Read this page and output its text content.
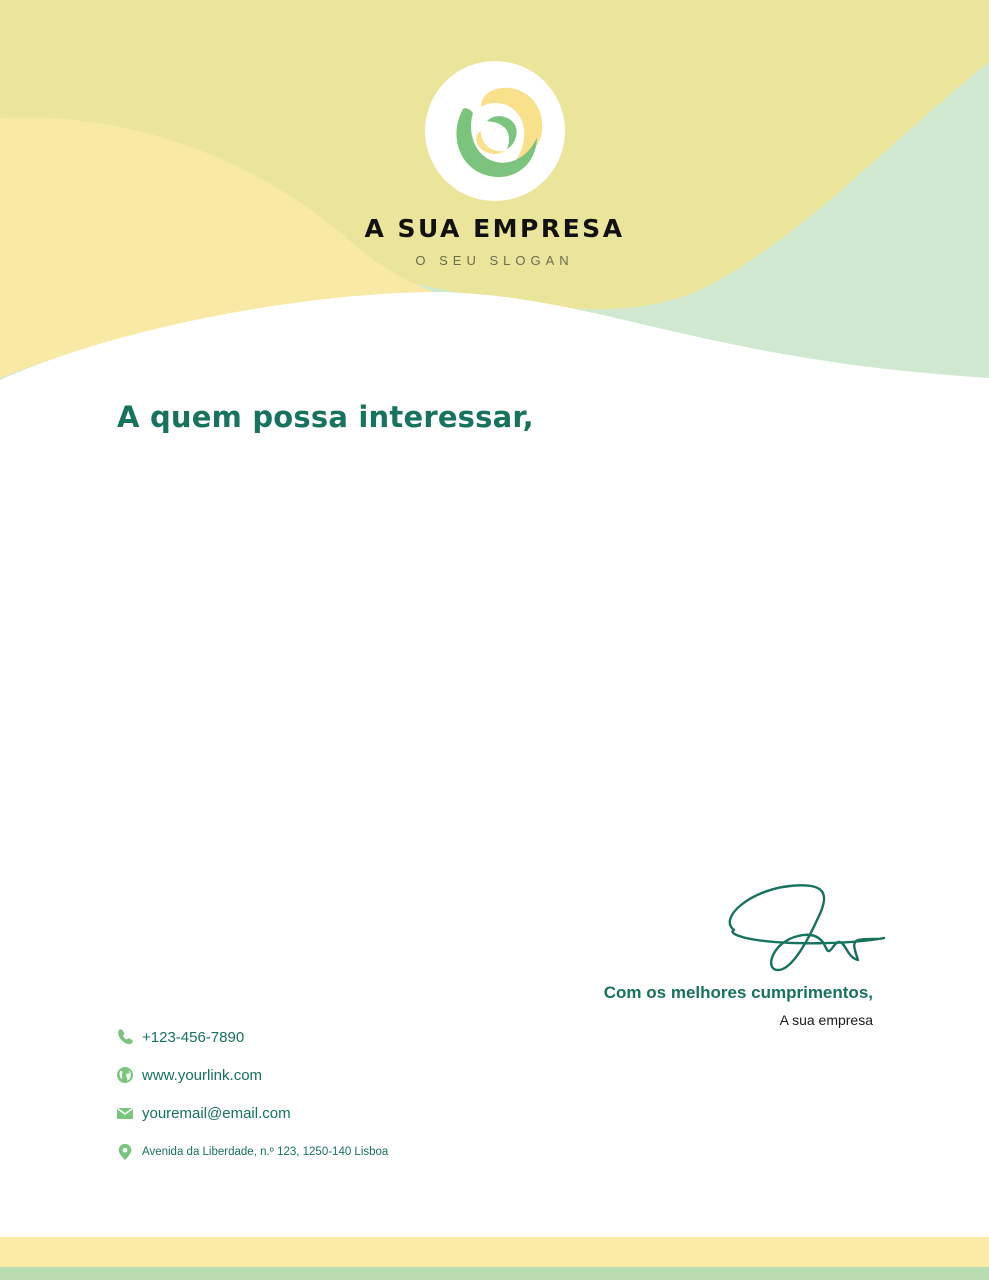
A SUA EMPRESA
O SEU SLOGAN
A quem possa interessar,
Com os melhores cumprimentos,
A sua empresa
+123-456-7890
www.yourlink.com
youremail@email.com
Avenida da Liberdade, n.º 123, 1250-140 Lisboa
